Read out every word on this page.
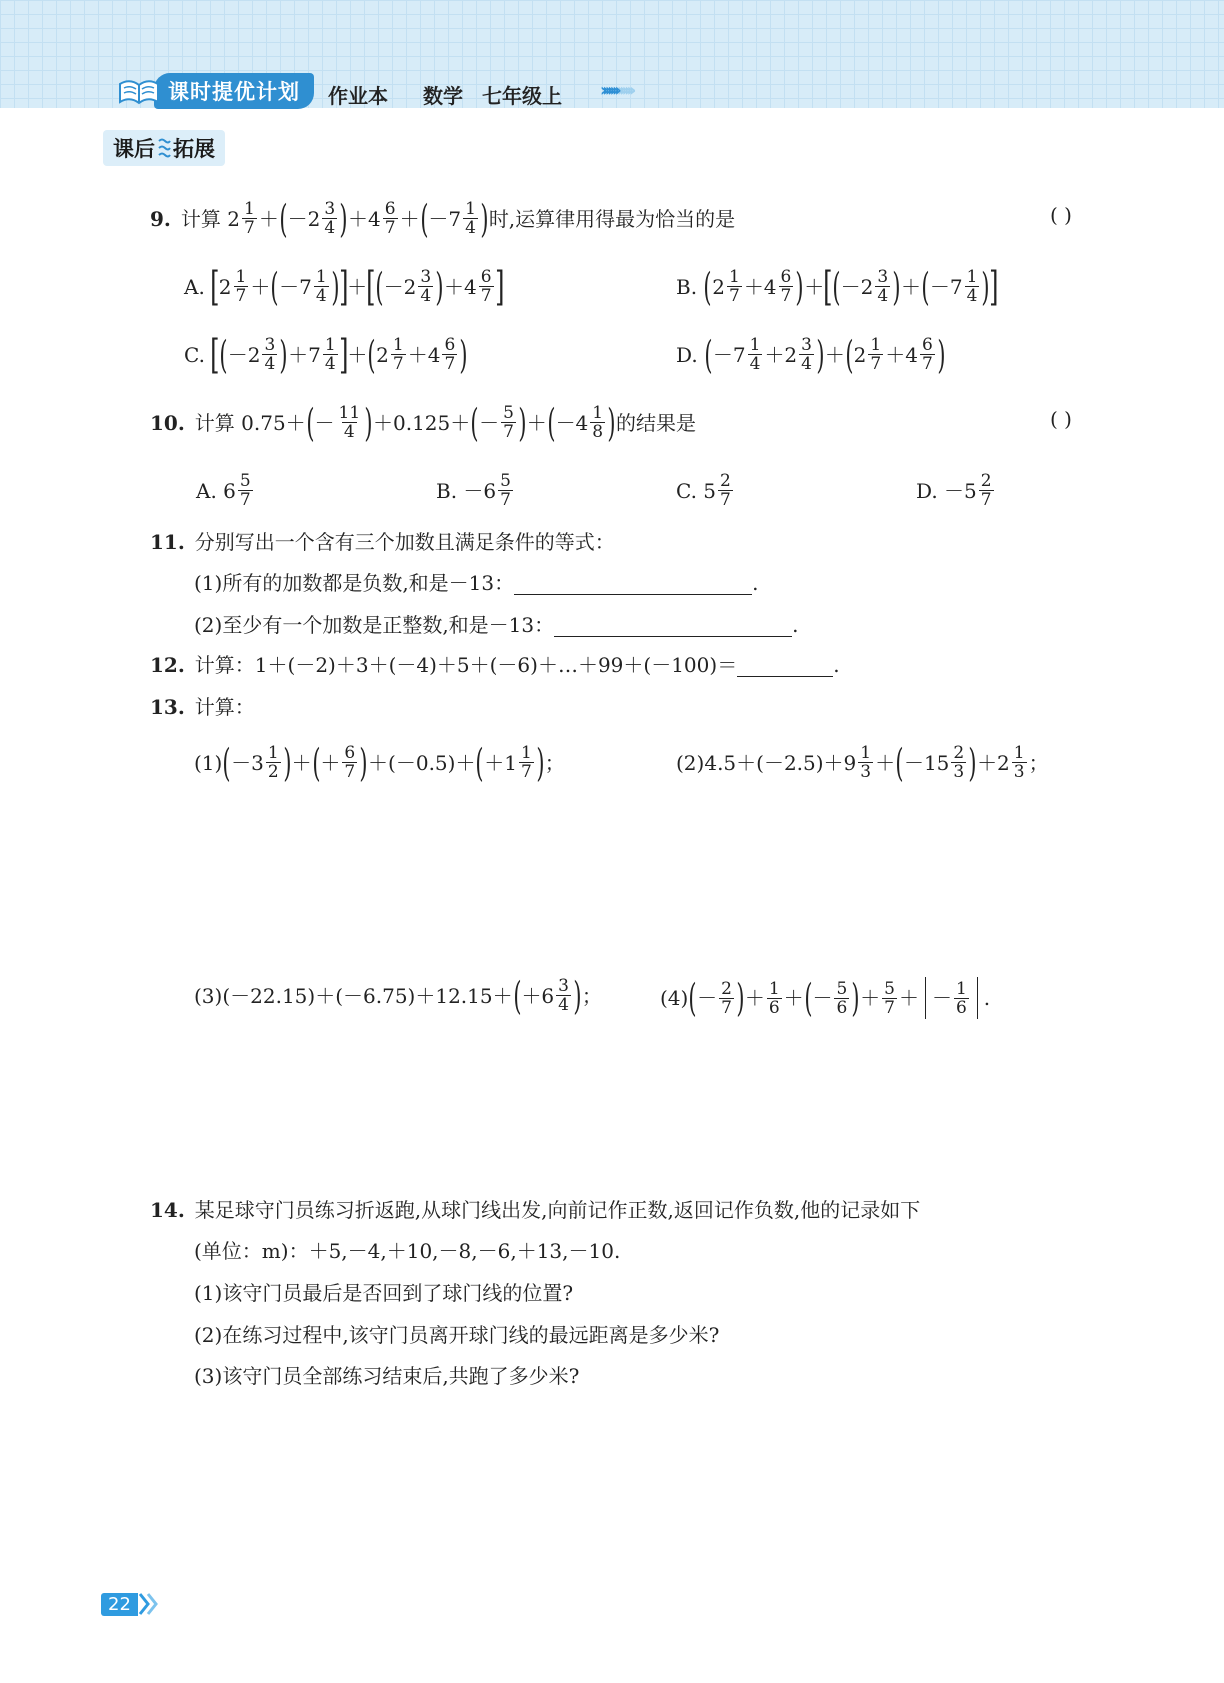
课时提优计划	作业本 数学 七年级上 ›››››››››››››
课后 拓展
9. 计算 $2 \frac{1}{7}$ ＋ ( $-2 \frac{3}{4}$ ) $+4 \frac{6}{7}$ ＋ ( $-7 \frac{1}{4}$ ) 时,运算律用得最为恰当的是	( )
A.
[ $2 \frac{1}{7}$ ＋ ( $-7 \frac{1}{4}$ ) ] ＋ [ ( $-2 \frac{3}{4}$ ) $+4 \frac{6}{7}$ ]	B.
( $2 \frac{1}{7} +4 \frac{6}{7}$ ) ＋ [ ( $-2 \frac{3}{4}$ ) ＋ ( $-7 \frac{1}{4}$ ) ]
C.
[ ( $-2 \frac{3}{4}$ ) $+7 \frac{1}{4}$ ] ＋ ( $2 \frac{1}{7} +4 \frac{6}{7}$ )	D.
( $-7 \frac{1}{4} +2 \frac{3}{4}$ ) ＋ ( $2 \frac{1}{7} +4 \frac{6}{7}$ )
10. 计算 0.75＋ ( － $\frac{11}{4}$ ) ＋0.125＋ ( － $\frac{5}{7}$ ) ＋ ( $-4 \frac{1}{8}$ ) 的结果是	( )
A. $6 \frac{5}{7}$	B. $-6 \frac{5}{7}$	C. $5 \frac{2}{7}$	D. $-5 \frac{2}{7}$
11. 分别写出一个含有三个加数且满足条件的等式：
(1)所有的加数都是负数,和是－13：	.
(2)至少有一个加数是正整数,和是－13：	.
12. 计算：1＋(－2)＋3＋(－4)＋5＋(－6)＋…＋99＋(－100)＝	.
13. 计算：
(1) ( $-3 \frac{1}{2}$ ) ＋ ( ＋ $\frac{6}{7}$ ) ＋(－0.5)＋ ( $+1 \frac{1}{7}$ ) ；	(2) $4.5+(-2.5)+9 \frac{1}{3}$ ＋ ( $-15 \frac{2}{3}$ ) $+2 \frac{1}{3}$ ；
(3) (－22.15)＋(－6.75)＋12.15＋ ( $+6 \frac{3}{4}$ ) ；	(4) ( － $\frac{2}{7}$ ) ＋ $\frac{1}{6}$ ＋ ( － $\frac{5}{6}$ ) ＋ $\frac{5}{7}$ ＋ － $\frac{1}{6}$ .
14. 某足球守门员练习折返跑,从球门线出发,向前记作正数,返回记作负数,他的记录如下
(单位：m)：＋5,－4,＋10,－8,－6,＋13,－10.
(1)该守门员最后是否回到了球门线的位置?
(2)在练习过程中,该守门员离开球门线的最远距离是多少米?
(3)该守门员全部练习结束后,共跑了多少米?
22
